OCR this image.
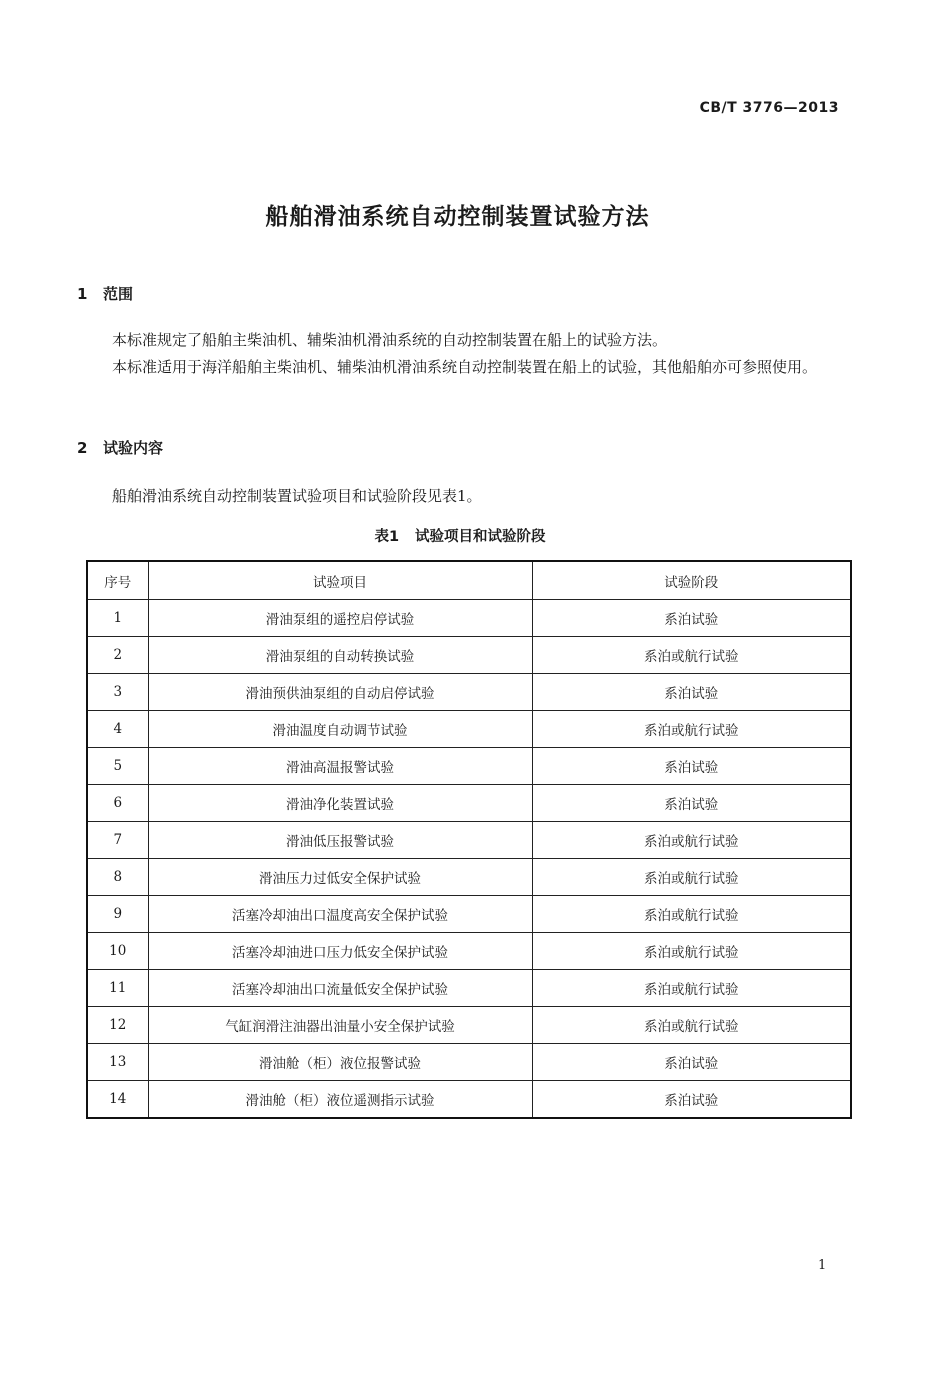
CB/T 3776—2013
船舶滑油系统自动控制装置试验方法
1 范围
本标准规定了船舶主柴油机、辅柴油机滑油系统的自动控制装置在船上的试验方法。
本标准适用于海洋船舶主柴油机、辅柴油机滑油系统自动控制装置在船上的试验，其他船舶亦可参照使用。
2 试验内容
船舶滑油系统自动控制装置试验项目和试验阶段见表1。
表1 试验项目和试验阶段
序号	试验项目	试验阶段
1	滑油泵组的遥控启停试验	系泊试验
2	滑油泵组的自动转换试验	系泊或航行试验
3	滑油预供油泵组的自动启停试验	系泊试验
4	滑油温度自动调节试验	系泊或航行试验
5	滑油高温报警试验	系泊试验
6	滑油净化装置试验	系泊试验
7	滑油低压报警试验	系泊或航行试验
8	滑油压力过低安全保护试验	系泊或航行试验
9	活塞冷却油出口温度高安全保护试验	系泊或航行试验
10	活塞冷却油进口压力低安全保护试验	系泊或航行试验
11	活塞冷却油出口流量低安全保护试验	系泊或航行试验
12	气缸润滑注油器出油量小安全保护试验	系泊或航行试验
13	滑油舱（柜）液位报警试验	系泊试验
14	滑油舱（柜）液位遥测指示试验	系泊试验
1
